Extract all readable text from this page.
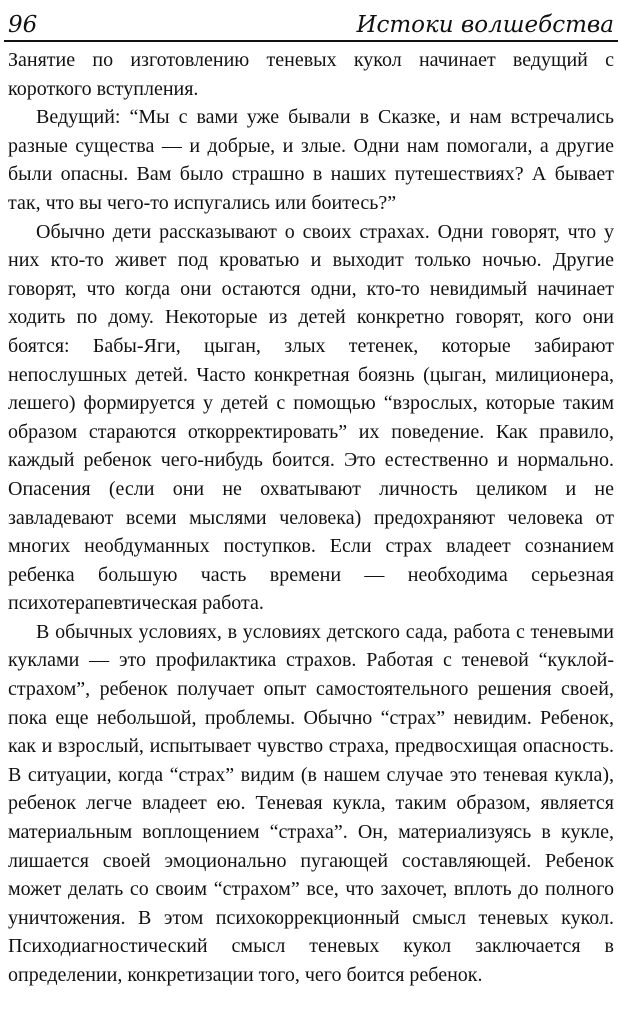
96	Истоки волшебства

Занятие по изготовлению теневых кукол начинает ведущий с короткого вступления.

Ведущий: “Мы с вами уже бывали в Сказке, и нам встречались разные существа — и добрые, и злые. Одни нам помогали, а другие были опасны. Вам было страшно в наших путешествиях? А бывает так, что вы чего-то испугались или боитесь?”

Обычно дети рассказывают о своих страхах. Одни говорят, что у них кто-то живет под кроватью и выходит только ночью. Другие говорят, что когда они остаются одни, кто-то невидимый начинает ходить по дому. Некоторые из детей конкретно говорят, кого они боятся: Бабы-Яги, цыган, злых тетенек, которые забирают непослушных детей. Часто конкретная боязнь (цыган, милиционера, лешего) формируется у детей с помощью “взрослых, которые таким образом стараются откорректировать” их поведение. Как правило, каждый ребенок чего-нибудь боится. Это естественно и нормально. Опасения (если они не охватывают личность целиком и не завладевают всеми мыслями человека) предохраняют человека от многих необдуманных поступков. Если страх владеет сознанием ребенка большую часть времени — необходима серьезная психотерапевтическая работа.

В обычных условиях, в условиях детского сада, работа с теневыми куклами — это профилактика страхов. Работая с теневой “куклой-страхом”, ребенок получает опыт самостоятельного решения своей, пока еще небольшой, проблемы. Обычно “страх” невидим. Ребенок, как и взрослый, испытывает чувство страха, предвосхищая опасность. В ситуации, когда “страх” видим (в нашем случае это теневая кукла), ребенок легче владеет ею. Теневая кукла, таким образом, является материальным воплощением “страха”. Он, материализуясь в кукле, лишается своей эмоционально пугающей составляющей. Ребенок может делать со своим “страхом” все, что захочет, вплоть до полного уничтожения. В этом психокоррекционный смысл теневых кукол. Психодиагностический смысл теневых кукол заключается в определении, конкретизации того, чего боится ребенок.
